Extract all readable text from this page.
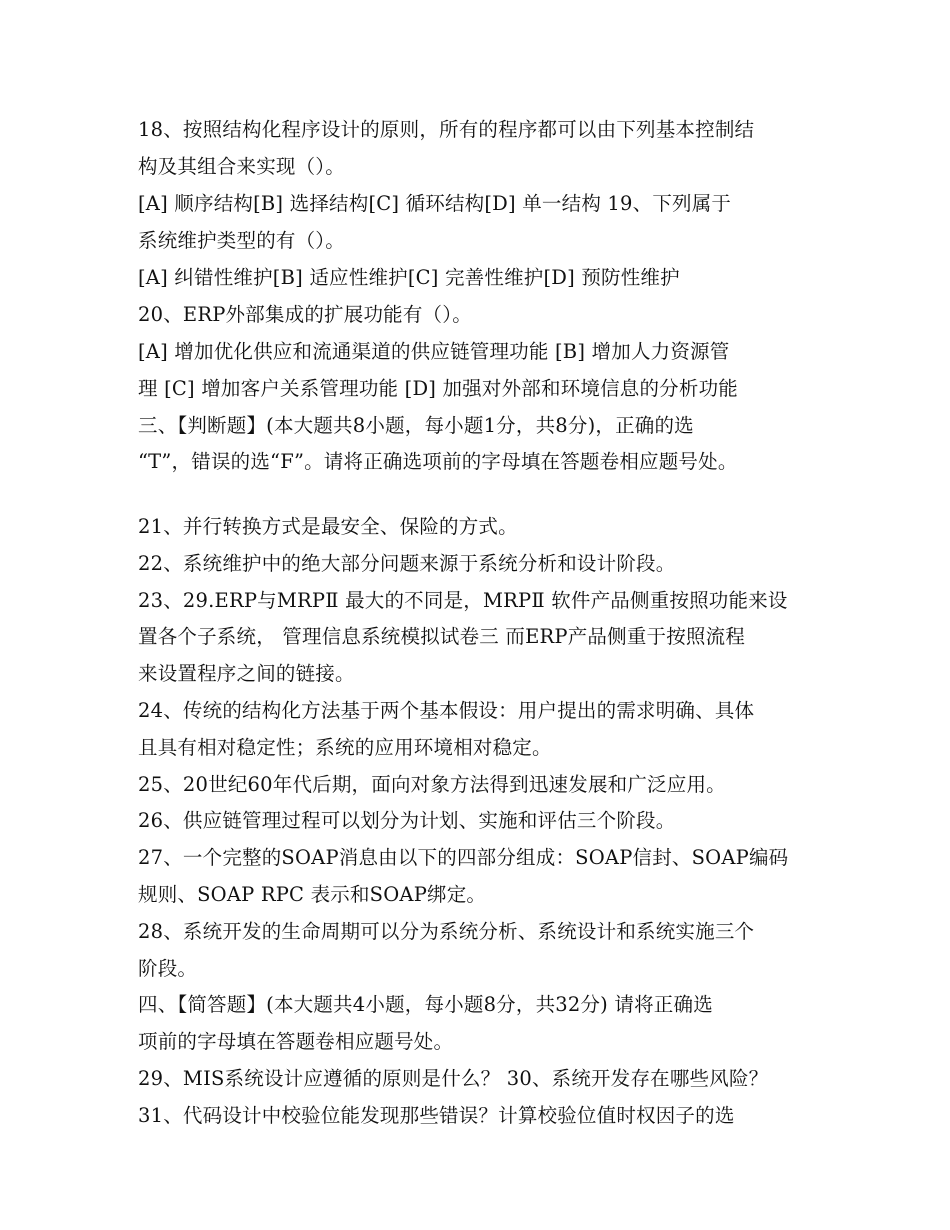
18、按照结构化程序设计的原则，所有的程序都可以由下列基本控制结
构及其组合来实现（）。
[A] 顺序结构[B] 选择结构[C] 循环结构[D] 单一结构 19、下列属于
系统维护类型的有（）。
[A] 纠错性维护[B] 适应性维护[C] 完善性维护[D] 预防性维护
20、ERP外部集成的扩展功能有（）。
[A] 增加优化供应和流通渠道的供应链管理功能 [B] 增加人力资源管
理 [C] 增加客户关系管理功能 [D] 加强对外部和环境信息的分析功能
三、【判断题】(本大题共8小题，每小题1分，共8分)，正确的选
“T”，错误的选“F”。请将正确选项前的字母填在答题卷相应题号处。
21、并行转换方式是最安全、保险的方式。
22、系统维护中的绝大部分问题来源于系统分析和设计阶段。
23、29.ERP与MRPⅡ 最大的不同是，MRPⅡ 软件产品侧重按照功能来设
置各个子系统， 管理信息系统模拟试卷三 而ERP产品侧重于按照流程
来设置程序之间的链接。
24、传统的结构化方法基于两个基本假设：用户提出的需求明确、具体
且具有相对稳定性；系统的应用环境相对稳定。
25、20世纪60年代后期，面向对象方法得到迅速发展和广泛应用。
26、供应链管理过程可以划分为计划、实施和评估三个阶段。
27、一个完整的SOAP消息由以下的四部分组成：SOAP信封、SOAP编码
规则、SOAP RPC 表示和SOAP绑定。
28、系统开发的生命周期可以分为系统分析、系统设计和系统实施三个
阶段。
四、【简答题】(本大题共4小题，每小题8分，共32分) 请将正确选
项前的字母填在答题卷相应题号处。
29、MIS系统设计应遵循的原则是什么？ 30、系统开发存在哪些风险？
31、代码设计中校验位能发现那些错误？计算校验位值时权因子的选
